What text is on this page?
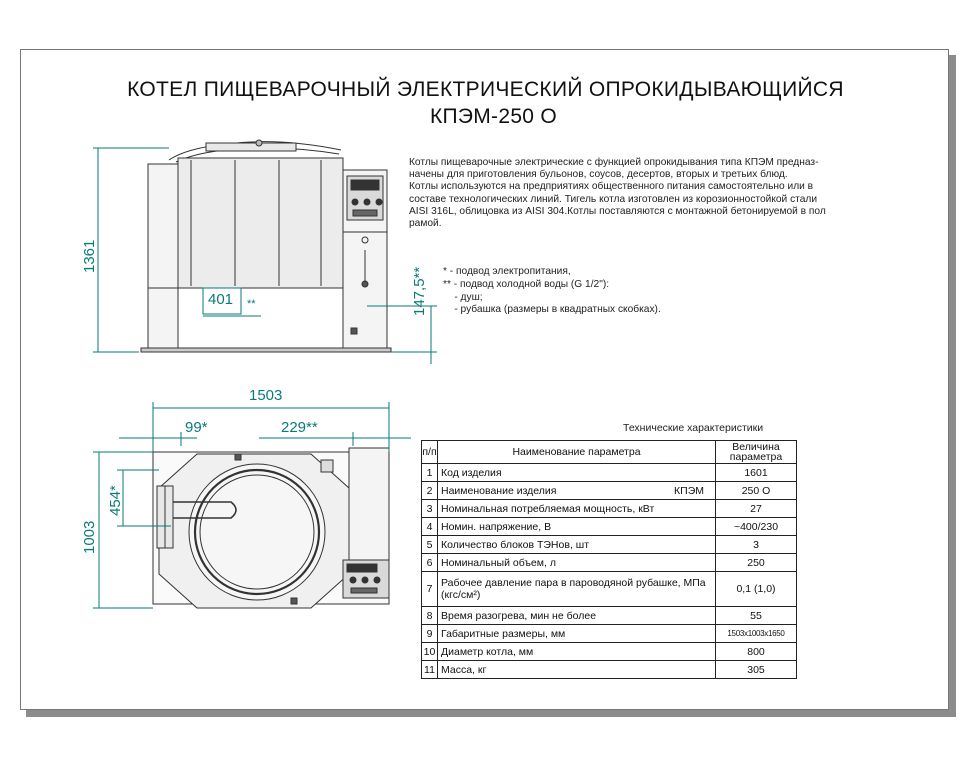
КОТЕЛ ПИЩЕВАРОЧНЫЙ ЭЛЕКТРИЧЕСКИЙ ОПРОКИДЫВАЮЩИЙСЯ
КПЭМ-250 О
Котлы пищеварочные электрические с функцией опрокидывания типа КПЭМ предназ-
начены для приготовления бульонов, соусов, десертов, вторых и третьих блюд.
Котлы используются на предприятиях общественного питания самостоятельно или в
составе технологических линий. Тигель котла изготовлен из корозионностойкой стали
AISI 316L, облицовка из AISI 304.Котлы поставляются с монтажной бетонируемой в пол
рамой.
* - подвод электропитания,
** - подвод холодной воды (G 1/2"):
- душ;
- рубашка (размеры в квадратных скобках).
1361
401 **	147,5**
1503
99*	229**
454*
1003
Технические характеристики
п/п	Наименование параметра	Величина параметра
1	Код изделия	1601
2	Наименование изделия КПЭМ	250 О
3	Номинальная потребляемая мощность, кВт	27
4	Номин. напряжение, В	~400/230
5	Количество блоков ТЭНов, шт	3
6	Номинальный объем, л	250
7	Рабочее давление пара в пароводяной рубашке, МПа (кгс/см²)	0,1 (1,0)
8	Время разогрева, мин не более	55
9	Габаритные размеры, мм	1503x1003x1650
10	Диаметр котла, мм	800
11	Масса, кг	305
